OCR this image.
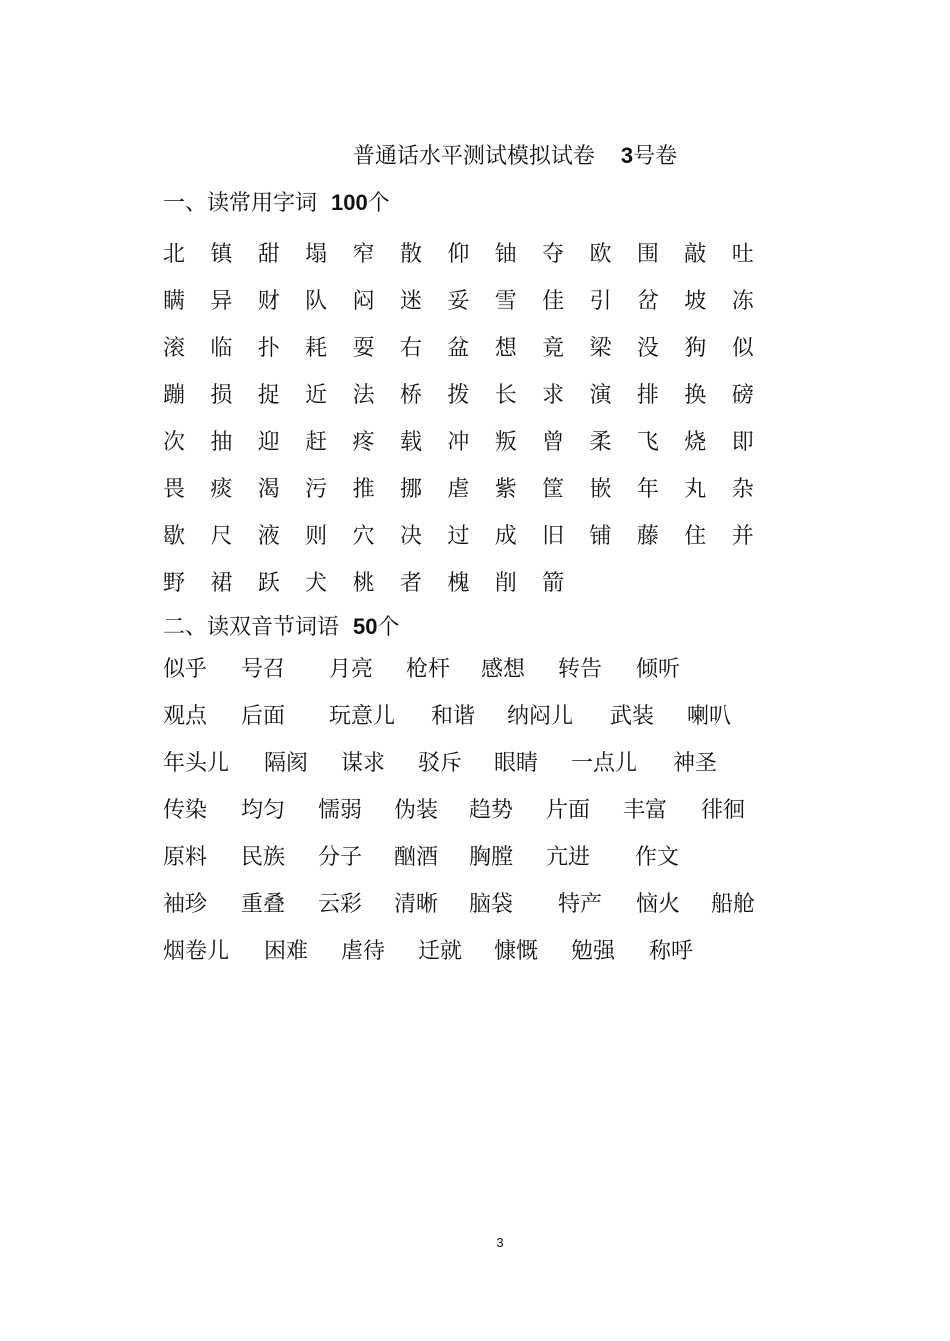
普通话水平测试模拟试卷 3号卷
一、读常用字词 100个
北	镇	甜	塌	窄	散	仰	铀	夺	欧	围	敲	吐
瞒	异	财	队	闷	迷	妥	雪	佳	引	岔	坡	冻
滚	临	扑	耗	耍	右	盆	想	竟	梁	没	狗	似
蹦	损	捉	近	法	桥	拨	长	求	演	排	换	磅
次	抽	迎	赶	疼	载	冲	叛	曾	柔	飞	烧	即
畏	痰	渴	污	推	挪	虐	紫	筐	嵌	年	丸	杂
歇	尺	液	则	穴	决	过	成	旧	铺	藤	住	并
野	裙	跃	犬	桃	者	槐	削	箭
二、读双音节词语 50个
似乎 号召 月亮 枪杆 感想 转告 倾听
观点 后面 玩意儿 和谐 纳闷儿 武装 喇叭
年头儿 隔阂 谋求 驳斥 眼睛 一点儿 神圣
传染 均匀 懦弱 伪装 趋势 片面 丰富 徘徊
原料 民族 分子 酗酒 胸膛 亢进 作文
袖珍 重叠 云彩 清晰 脑袋 特产 恼火 船舱
烟卷儿 困难 虐待 迁就 慷慨 勉强 称呼
3
